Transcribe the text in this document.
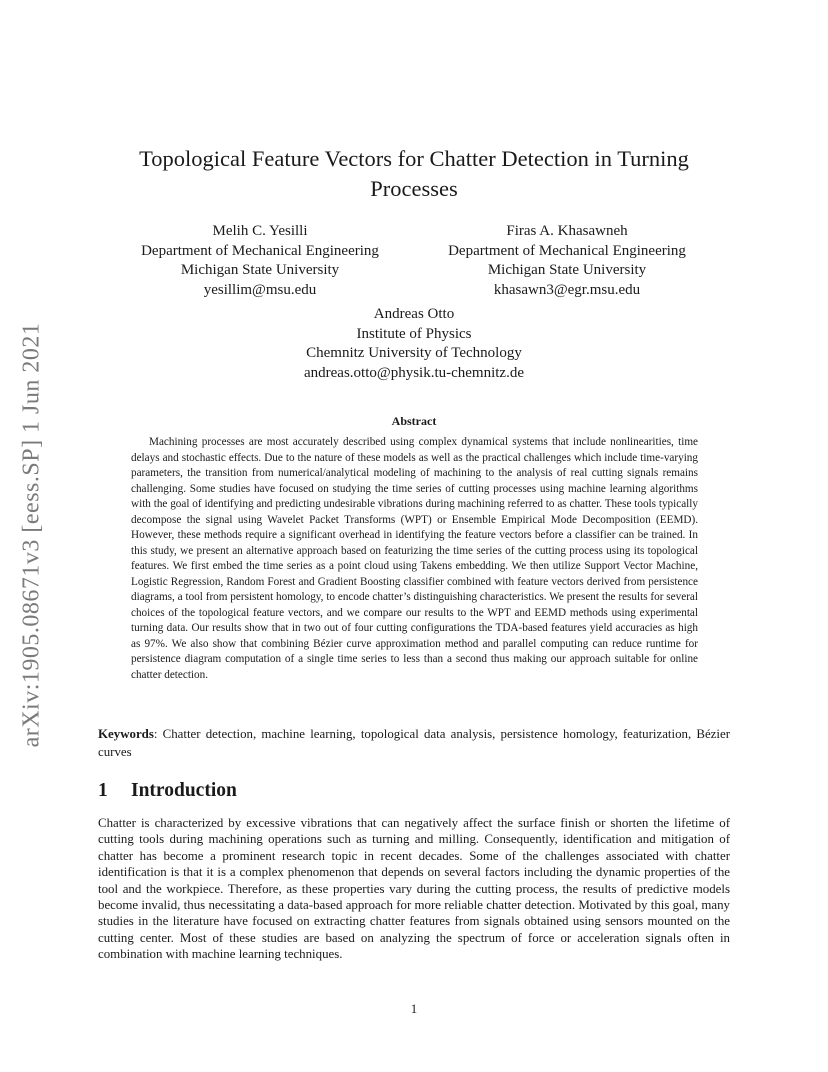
arXiv:1905.08671v3 [eess.SP] 1 Jun 2021
Topological Feature Vectors for Chatter Detection in Turning Processes
Melih C. Yesilli
Department of Mechanical Engineering
Michigan State University
yesillim@msu.edu
Firas A. Khasawneh
Department of Mechanical Engineering
Michigan State University
khasawn3@egr.msu.edu
Andreas Otto
Institute of Physics
Chemnitz University of Technology
andreas.otto@physik.tu-chemnitz.de
Abstract

Machining processes are most accurately described using complex dynamical systems that include nonlinearities, time delays and stochastic effects. Due to the nature of these models as well as the practical challenges which include time-varying parameters, the transition from numerical/analytical modeling of machining to the analysis of real cutting signals remains challenging. Some studies have focused on studying the time series of cutting processes using machine learning algorithms with the goal of identifying and predicting undesirable vibrations during machining referred to as chatter. These tools typically decompose the signal using Wavelet Packet Transforms (WPT) or Ensemble Empirical Mode Decomposition (EEMD). However, these methods require a significant overhead in identifying the feature vectors before a classifier can be trained. In this study, we present an alternative approach based on featurizing the time series of the cutting process using its topological features. We first embed the time series as a point cloud using Takens embedding. We then utilize Support Vector Machine, Logistic Regression, Random Forest and Gradient Boosting classifier combined with feature vectors derived from persistence diagrams, a tool from persistent homology, to encode chatter’s distinguishing characteristics. We present the results for several choices of the topological feature vectors, and we compare our results to the WPT and EEMD methods using experimental turning data. Our results show that in two out of four cutting configurations the TDA-based features yield accuracies as high as 97%. We also show that combining Bézier curve approximation method and parallel computing can reduce runtime for persistence diagram computation of a single time series to less than a second thus making our approach suitable for online chatter detection.

Keywords: Chatter detection, machine learning, topological data analysis, persistence homology, featurization, Bézier curves

1 Introduction

Chatter is characterized by excessive vibrations that can negatively affect the surface finish or shorten the lifetime of cutting tools during machining operations such as turning and milling. Consequently, identification and mitigation of chatter has become a prominent research topic in recent decades. Some of the challenges associated with chatter identification is that it is a complex phenomenon that depends on several factors including the dynamic properties of the tool and the workpiece. Therefore, as these properties vary during the cutting process, the results of predictive models become invalid, thus necessitating a data-based approach for more reliable chatter detection. Motivated by this goal, many studies in the literature have focused on extracting chatter features from signals obtained using sensors mounted on the cutting center. Most of these studies are based on analyzing the spectrum of force or acceleration signals often in combination with machine learning techniques.

1
